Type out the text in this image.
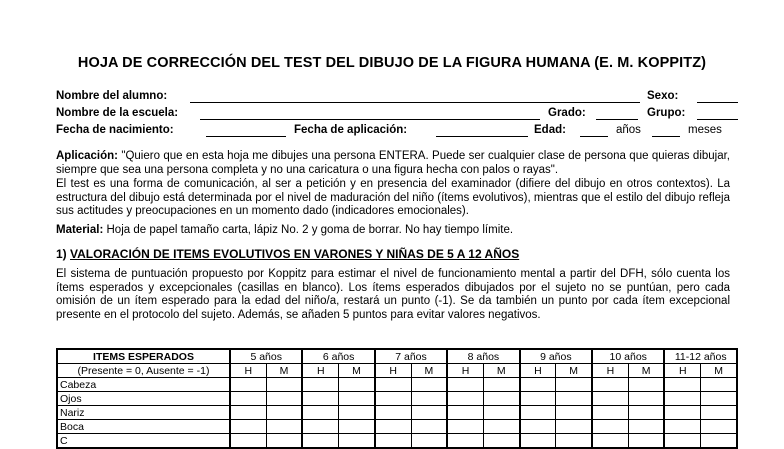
HOJA DE CORRECCIÓN DEL TEST DEL DIBUJO DE LA FIGURA HUMANA (E. M. KOPPITZ)
Nombre del alumno:	Sexo:
Nombre de la escuela:	Grado:	Grupo:
Fecha de nacimiento:	Fecha de aplicación:	Edad:	años	meses
Aplicación: "Quiero que en esta hoja me dibujes una persona ENTERA. Puede ser cualquier clase de persona que quieras dibujar, siempre que sea una persona completa y no una caricatura o una figura hecha con palos o rayas".
El test es una forma de comunicación, al ser a petición y en presencia del examinador (difiere del dibujo en otros contextos). La estructura del dibujo está determinada por el nivel de maduración del niño (ítems evolutivos), mientras que el estilo del dibujo refleja sus actitudes y preocupaciones en un momento dado (indicadores emocionales).
Material: Hoja de papel tamaño carta, lápiz No. 2 y goma de borrar. No hay tiempo límite.
1) VALORACIÓN DE ITEMS EVOLUTIVOS EN VARONES Y NIÑAS DE 5 A 12 AÑOS
El sistema de puntuación propuesto por Koppitz para estimar el nivel de funcionamiento mental a partir del DFH, sólo cuenta los ítems esperados y excepcionales (casillas en blanco). Los ítems esperados dibujados por el sujeto no se puntúan, pero cada omisión de un ítem esperado para la edad del niño/a, restará un punto (-1). Se da también un punto por cada ítem excepcional presente en el protocolo del sujeto. Además, se añaden 5 puntos para evitar valores negativos.
ITEMS ESPERADOS	5 años		6 años		7 años		8 años		9 años		10 años		11-12 años	
(Presente = 0, Ausente = -1)	H	M	H	M	H	M	H	M	H	M	H	M	H	M
Cabeza														
Ojos														
Nariz														
Boca														
C														
